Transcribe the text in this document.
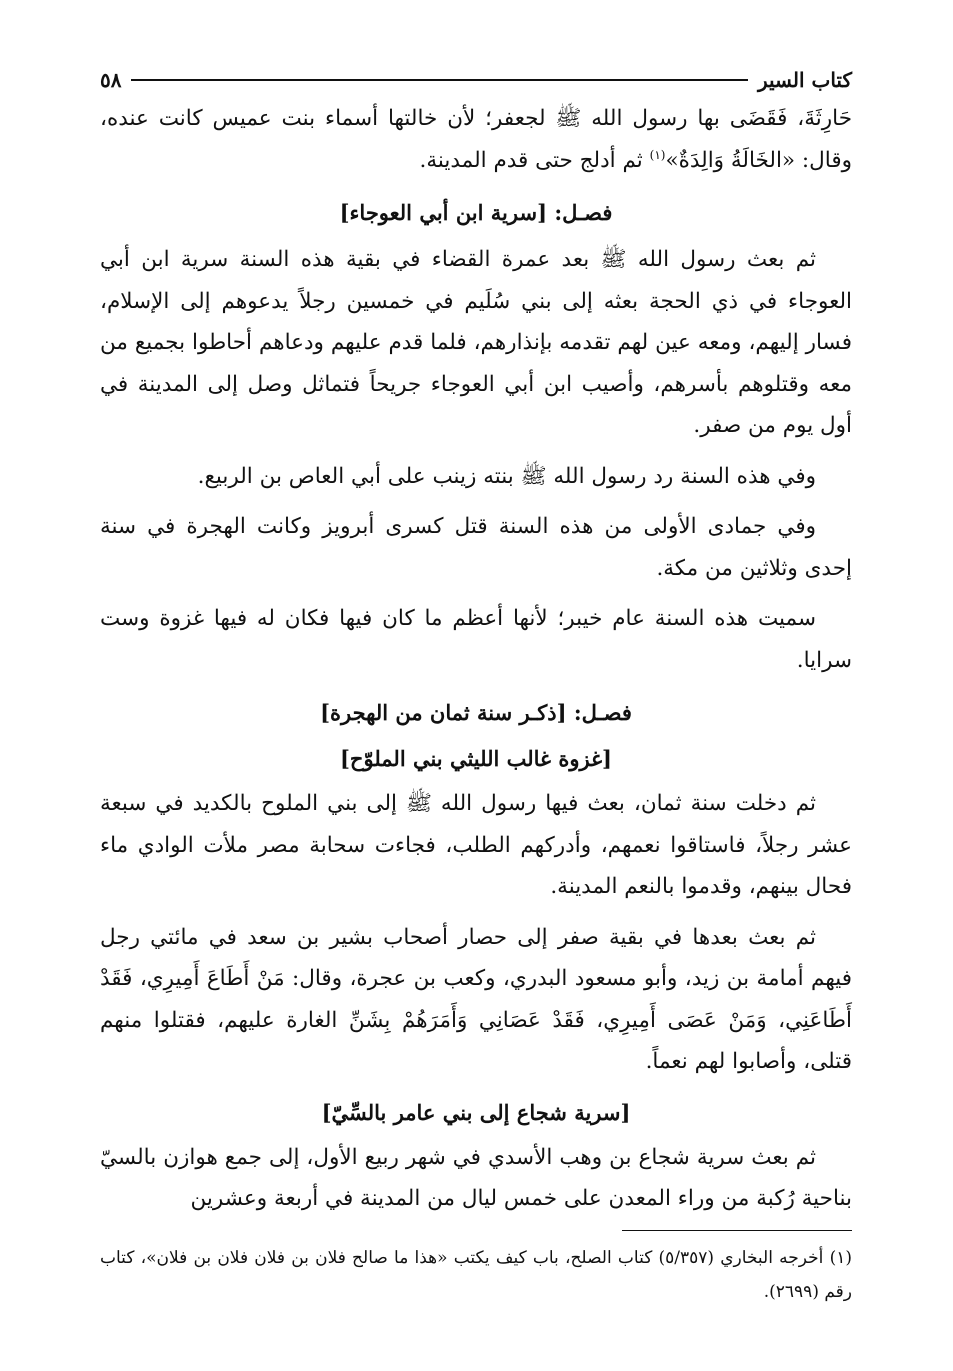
كتاب السير
٥٨

حَارِثَةَ، فَقَضَى بها رسول الله ﷺ لجعفر؛ لأن خالتها أسماء بنت عميس كانت عنده، وقال: «الخَالَةُ وَالِدَةٌ»$^{(١)}$ ثم أدلج حتى قدم المدينة.

فصـل: [سرية ابن أبي العوجاء]

ثم بعث رسول الله ﷺ بعد عمرة القضاء في بقية هذه السنة سرية ابن أبي العوجاء في ذي الحجة بعثه إلى بني سُلَيم في خمسين رجلاً يدعوهم إلى الإسلام، فسار إليهم، ومعه عين لهم تقدمه بإنذارهم، فلما قدم عليهم ودعاهم أحاطوا بجميع من معه وقتلوهم بأسرهم، وأصيب ابن أبي العوجاء جريحاً فتماثل وصل إلى المدينة في أول يوم من صفر.

وفي هذه السنة رد رسول الله ﷺ بنته زينب على أبي العاص بن الربيع.

وفي جمادى الأولى من هذه السنة قتل كسرى أبرويز وكانت الهجرة في سنة إحدى وثلاثين من مكة.

سميت هذه السنة عام خيبر؛ لأنها أعظم ما كان فيها فكان له فيها غزوة وست سرايا.

فصـل: [ذكـر سنة ثمان من الهجرة]
[غزوة غالب الليثي بني الملوّح]

ثم دخلت سنة ثمان، بعث فيها رسول الله ﷺ إلى بني الملوح بالكديد في سبعة عشر رجلاً، فاستاقوا نعمهم، وأدركهم الطلب، فجاءت سحابة مصر ملأت الوادي ماء فحال بينهم، وقدموا بالنعم المدينة.

ثم بعث بعدها في بقية صفر إلى حصار أصحاب بشير بن سعد في مائتي رجل فيهم أمامة بن زيد، وأبو مسعود البدري، وكعب بن عجرة، وقال: مَنْ أَطَاعَ أَمِيرِي، فَقَدْ أَطَاعَنِي، وَمَنْ عَصَى أَمِيرِي، فَقَدْ عَصَانِي وَأَمَرَهُمْ بِشَنِّ الغارة عليهم، فقتلوا منهم قتلى، وأصابوا لهم نعماً.

[سرية شجاع إلى بني عامر بالسِّيّ]

ثم بعث سرية شجاع بن وهب الأسدي في شهر ربيع الأول، إلى جمع هوازن بالسيّ بناحية رُكبة من وراء المعدن على خمس ليال من المدينة في أربعة وعشرين

(١) أخرجه البخاري (٥/٣٥٧) كتاب الصلح، باب كيف يكتب «هذا ما صالح فلان بن فلان فلان بن فلان»، كتاب رقم (٢٦٩٩).
